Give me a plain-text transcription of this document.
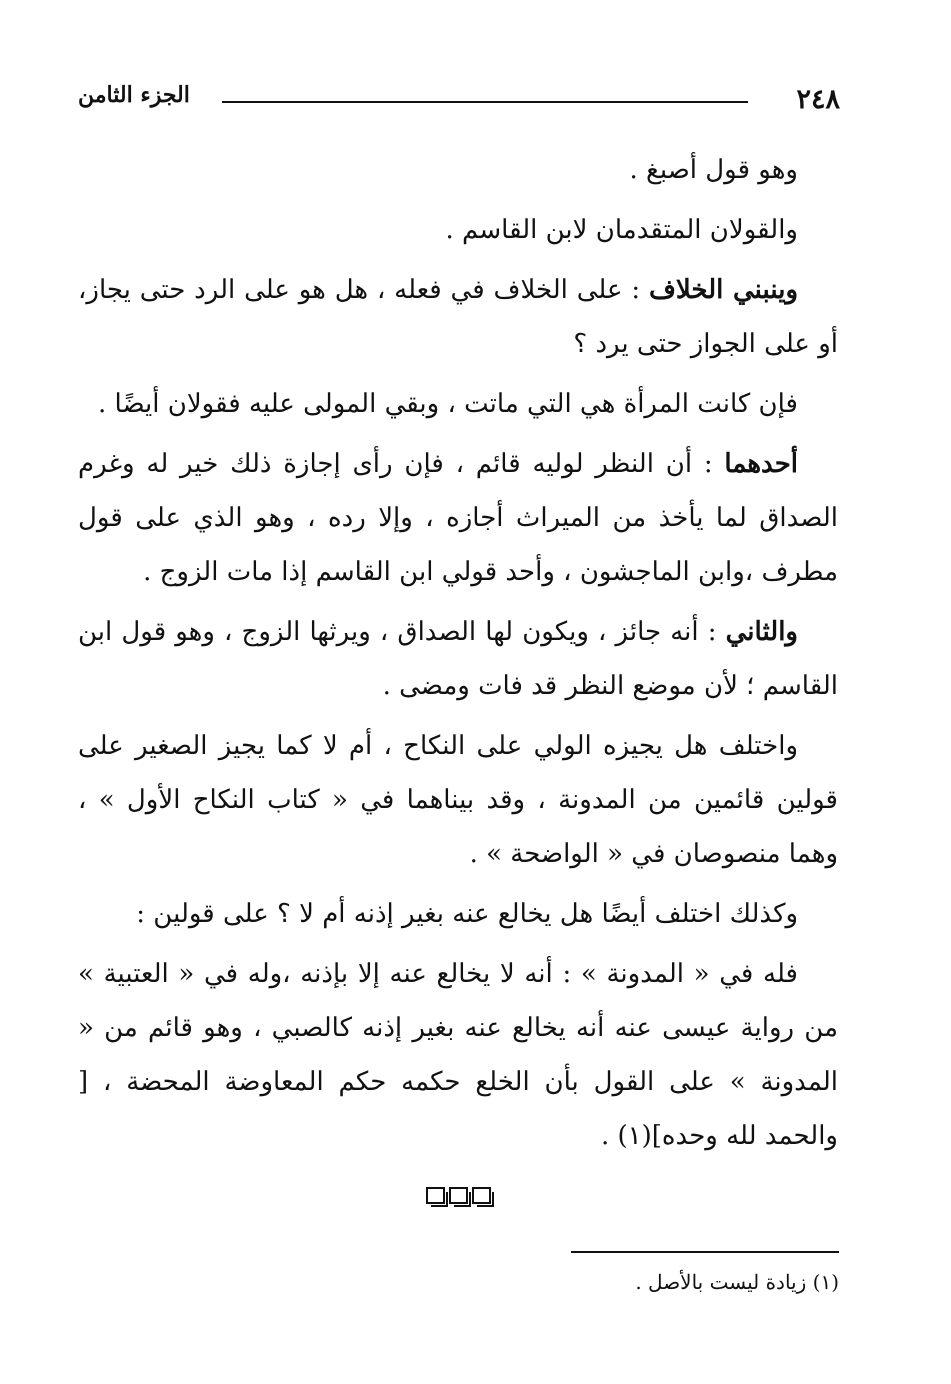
٢٤٨
الجزء الثامن

وهو قول أصبغ .

والقولان المتقدمان لابن القاسم .

وينبني الخلاف : على الخلاف في فعله ، هل هو على الرد حتى يجاز، أو على الجواز حتى يرد ؟

فإن كانت المرأة هي التي ماتت ، وبقي المولى عليه فقولان أيضًا .

أحدهما : أن النظر لوليه قائم ، فإن رأى إجازة ذلك خير له وغرم الصداق لما يأخذ من الميراث أجازه ، وإلا رده ، وهو الذي على قول مطرف ،وابن الماجشون ، وأحد قولي ابن القاسم إذا مات الزوج .

والثاني : أنه جائز ، ويكون لها الصداق ، ويرثها الزوج ، وهو قول ابن القاسم ؛ لأن موضع النظر قد فات ومضى .

واختلف هل يجيزه الولي على النكاح ، أم لا كما يجيز الصغير على قولين قائمين من المدونة ، وقد بيناهما في « كتاب النكاح الأول » ، وهما منصوصان في « الواضحة » .

وكذلك اختلف أيضًا هل يخالع عنه بغير إذنه أم لا ؟ على قولين :

فله في « المدونة » : أنه لا يخالع عنه إلا بإذنه ،وله في « العتبية » من رواية عيسى عنه أنه يخالع عنه بغير إذنه كالصبي ، وهو قائم من « المدونة » على القول بأن الخلع حكمه حكم المعاوضة المحضة ، [ والحمد لله وحده](١) .

(١) زيادة ليست بالأصل .
